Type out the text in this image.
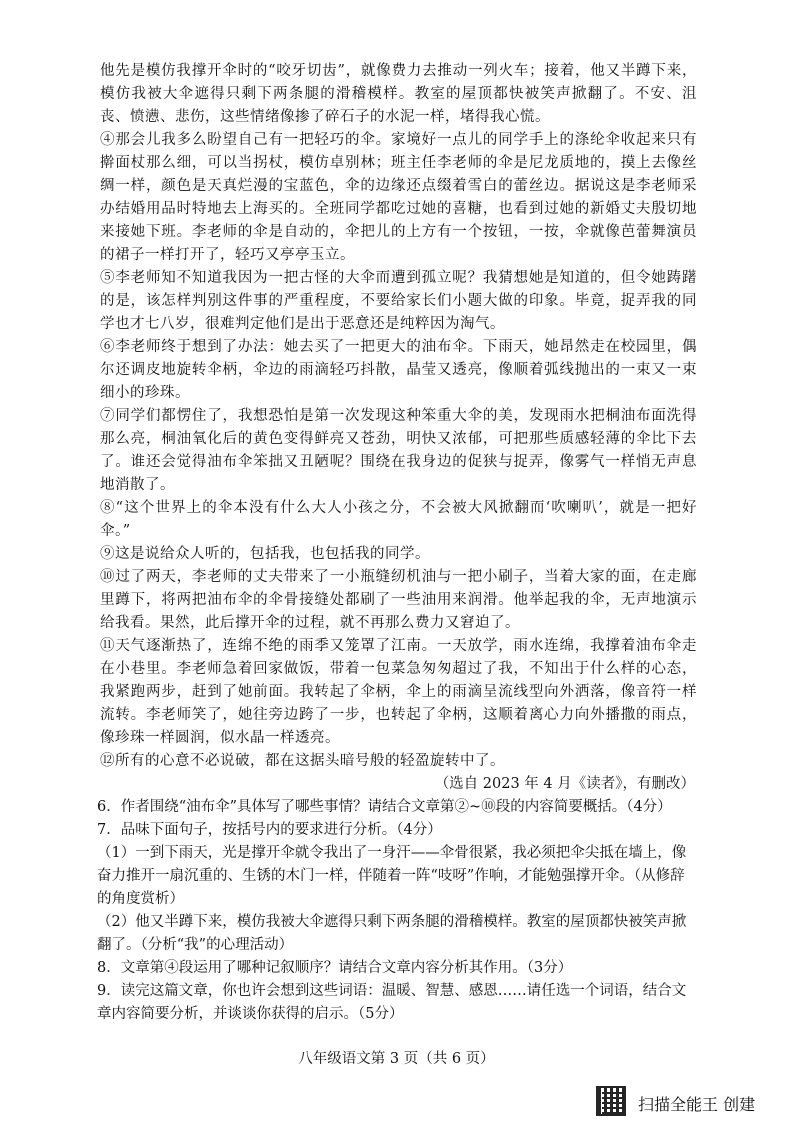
他先是模仿我撑开伞时的“咬牙切齿”，就像费力去推动一列火车；接着，他又半蹲下来，模仿我被大伞遮得只剩下两条腿的滑稽模样。教室的屋顶都快被笑声掀翻了。不安、沮丧、愤懑、悲伤，这些情绪像掺了碎石子的水泥一样，堵得我心慌。
④那会儿我多么盼望自己有一把轻巧的伞。家境好一点儿的同学手上的涤纶伞收起来只有擀面杖那么细，可以当拐杖，模仿卓别林；班主任李老师的伞是尼龙质地的，摸上去像丝绸一样，颜色是天真烂漫的宝蓝色，伞的边缘还点缀着雪白的蕾丝边。据说这是李老师采办结婚用品时特地去上海买的。全班同学都吃过她的喜糖，也看到过她的新婚丈夫殷切地来接她下班。李老师的伞是自动的，伞把儿的上方有一个按钮，一按，伞就像芭蕾舞演员的裙子一样打开了，轻巧又亭亭玉立。
⑤李老师知不知道我因为一把古怪的大伞而遭到孤立呢？我猜想她是知道的，但令她踌躇的是，该怎样判别这件事的严重程度，不要给家长们小题大做的印象。毕竟，捉弄我的同学也才七八岁，很难判定他们是出于恶意还是纯粹因为淘气。
⑥李老师终于想到了办法：她去买了一把更大的油布伞。下雨天，她昂然走在校园里，偶尔还调皮地旋转伞柄，伞边的雨滴轻巧抖散，晶莹又透亮，像顺着弧线抛出的一束又一束细小的珍珠。
⑦同学们都愣住了，我想恐怕是第一次发现这种笨重大伞的美，发现雨水把桐油布面洗得那么亮，桐油氧化后的黄色变得鲜亮又苍劲，明快又浓郁，可把那些质感轻薄的伞比下去了。谁还会觉得油布伞笨拙又丑陋呢？围绕在我身边的促狭与捉弄，像雾气一样悄无声息地消散了。
⑧“这个世界上的伞本没有什么大人小孩之分，不会被大风掀翻而‘吹喇叭’，就是一把好伞。”
⑨这是说给众人听的，包括我，也包括我的同学。
⑩过了两天，李老师的丈夫带来了一小瓶缝纫机油与一把小刷子，当着大家的面，在走廊里蹲下，将两把油布伞的伞骨接缝处都刷了一些油用来润滑。他举起我的伞，无声地演示给我看。果然，此后撑开伞的过程，就不再那么费力又窘迫了。
⑪天气逐渐热了，连绵不绝的雨季又笼罩了江南。一天放学，雨水连绵，我撑着油布伞走在小巷里。李老师急着回家做饭，带着一包菜急匆匆超过了我，不知出于什么样的心态，我紧跑两步，赶到了她前面。我转起了伞柄，伞上的雨滴呈流线型向外洒落，像音符一样流转。李老师笑了，她往旁边跨了一步，也转起了伞柄，这顺着离心力向外播撒的雨点，像珍珠一样圆润，似水晶一样透亮。
⑫所有的心意不必说破，都在这据头暗号般的轻盈旋转中了。
（选自 2023 年 4 月《读者》，有删改）
6．作者围绕“油布伞”具体写了哪些事情？请结合文章第②~⑩段的内容简要概括。（4分）
7．品味下面句子，按括号内的要求进行分析。（4分）
（1）一到下雨天，光是撑开伞就令我出了一身汗——伞骨很紧，我必须把伞尖抵在墙上，像奋力推开一扇沉重的、生锈的木门一样，伴随着一阵“吱呀”作响，才能勉强撑开伞。（从修辞的角度赏析）
（2）他又半蹲下来，模仿我被大伞遮得只剩下两条腿的滑稽模样。教室的屋顶都快被笑声掀翻了。（分析“我”的心理活动）
8．文章第④段运用了哪种记叙顺序？请结合文章内容分析其作用。（3分）
9．读完这篇文章，你也许会想到这些词语：温暖、智慧、感恩……请任选一个词语，结合文章内容简要分析，并谈谈你获得的启示。（5分）
八年级语文第 3 页（共 6 页）
扫描全能王 创建
